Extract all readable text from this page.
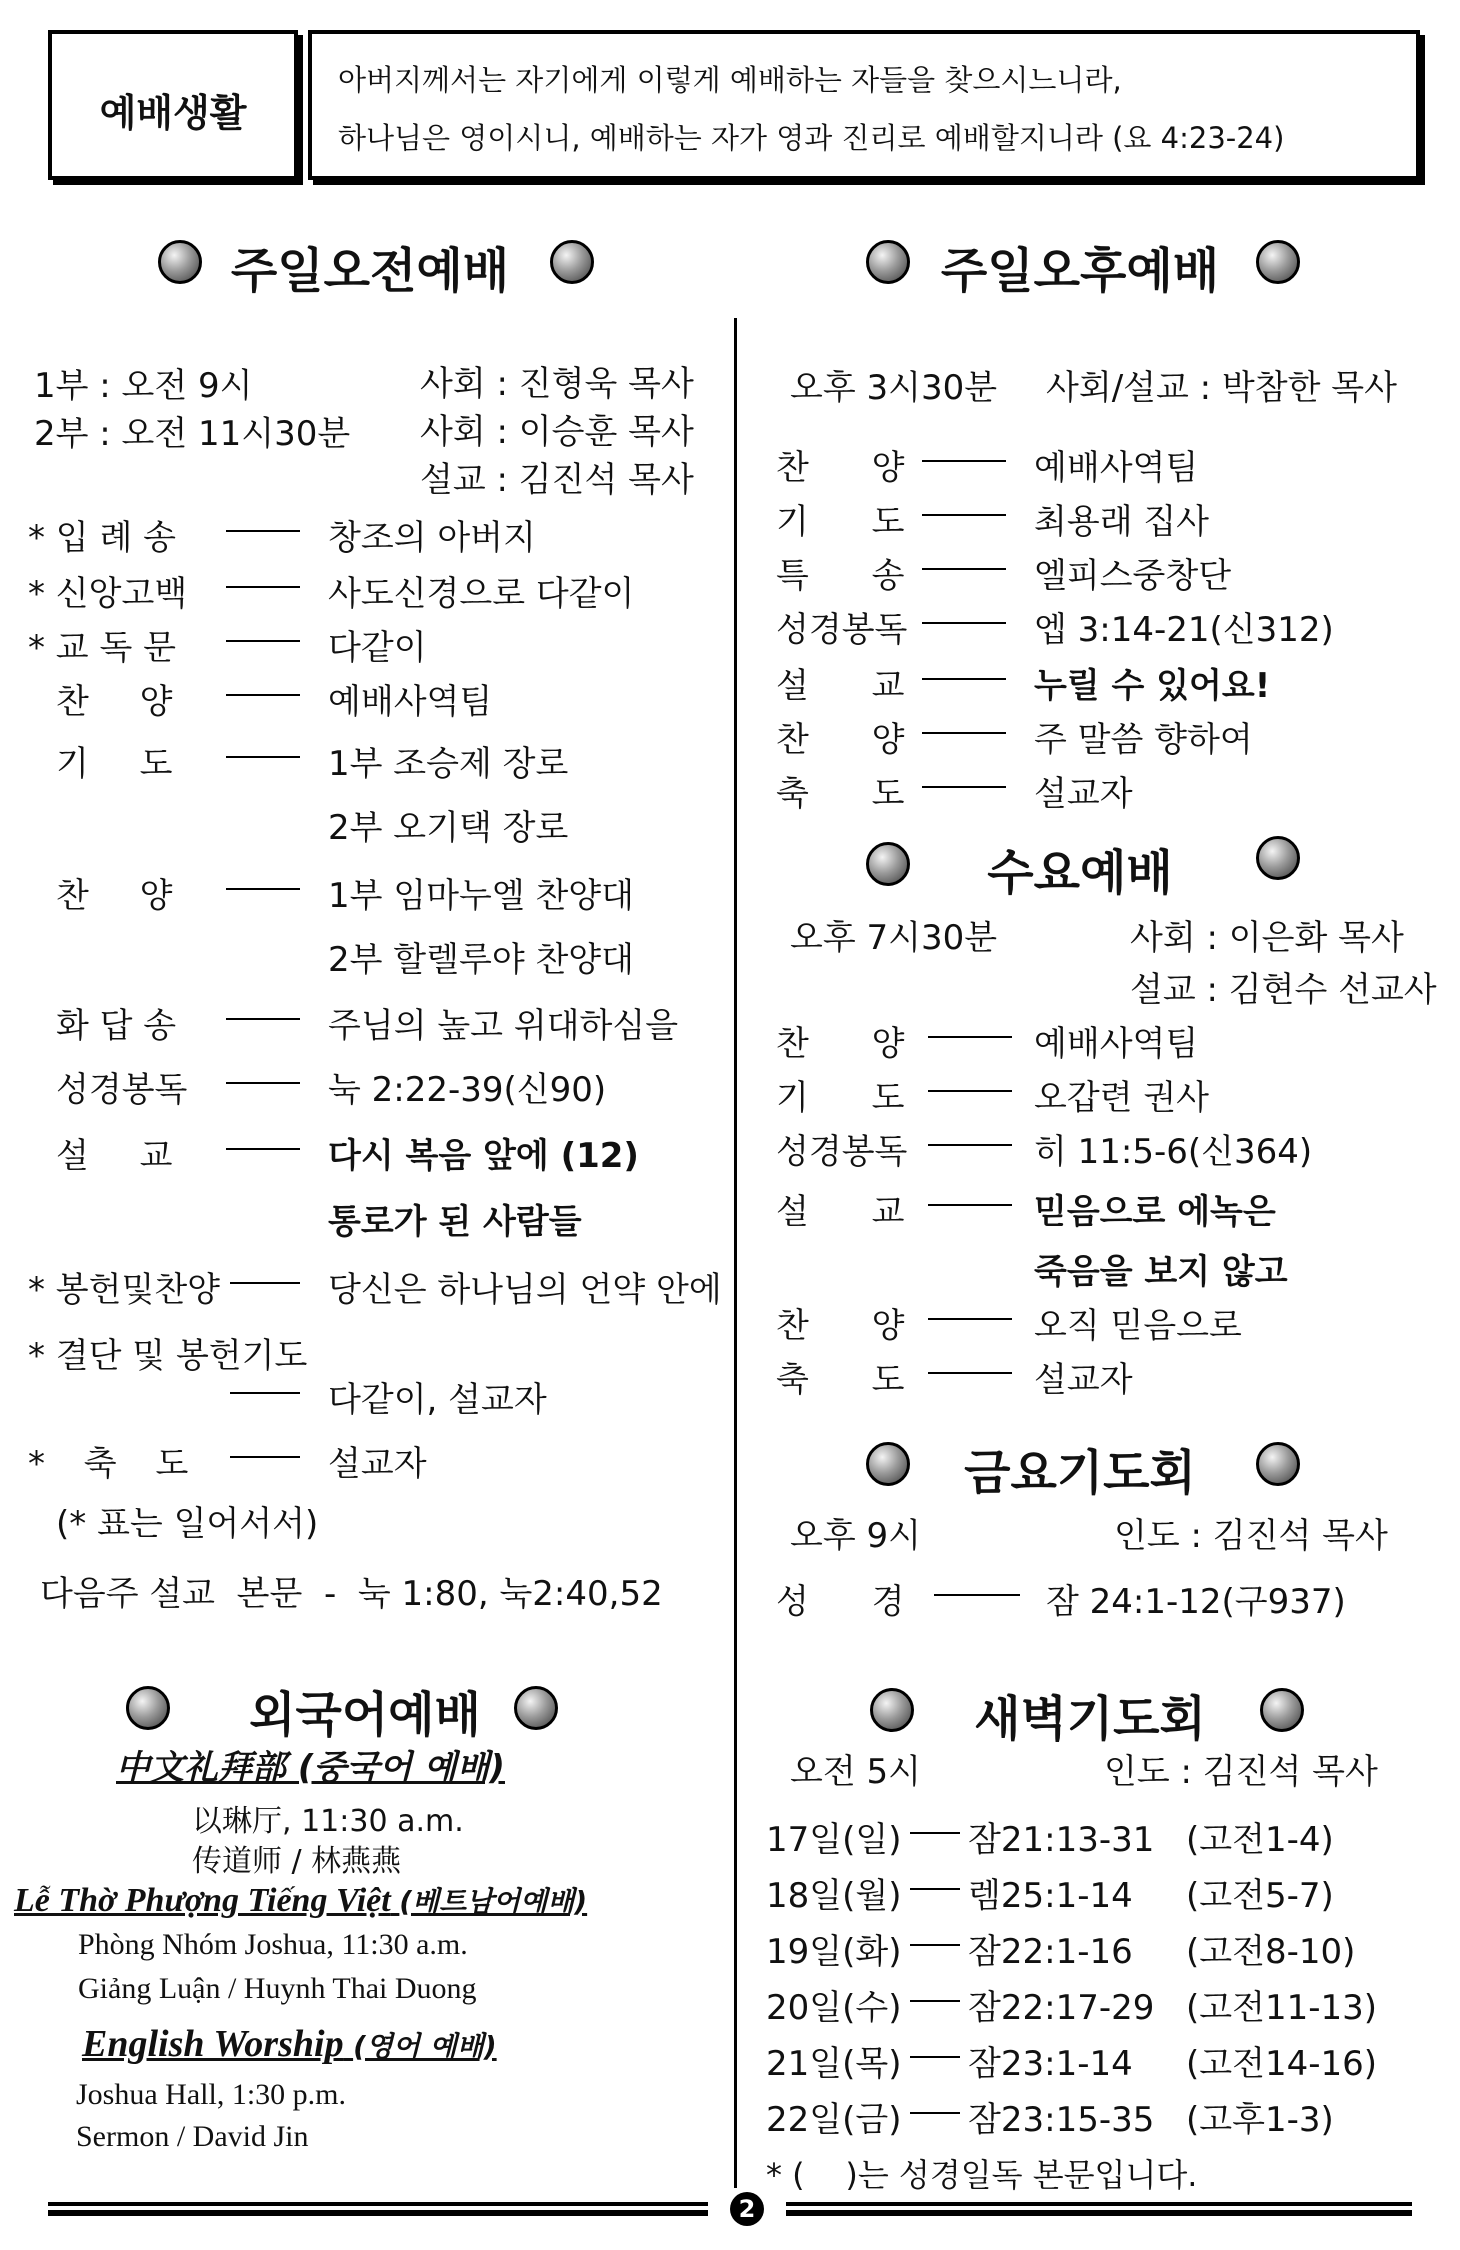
예배생활
아버지께서는 자기에게 이렇게 예배하는 자들을 찾으시느니라,
하나님은 영이시니, 예배하는 자가 영과 진리로 예배할지니라 (요 4:23-24)
주일오전예배
1부 : 오전 9시
2부 : 오전 11시30분
사회 : 진형욱 목사
사회 : 이승훈 목사
설교 : 김진석 목사
* 입 례 송	창조의 아버지
* 신앙고백	사도신경으로 다같이
* 교 독 문	다같이
찬 양	예배사역팀
기 도	1부 조승제 장로
2부 오기택 장로
찬 양	1부 임마누엘 찬양대
2부 할렐루야 찬양대
화 답 송	주님의 높고 위대하심을
성경봉독	눅 2:22-39(신90)
설 교	다시 복음 앞에 (12)
통로가 된 사람들
* 봉헌및찬양	당신은 하나님의 언약 안에
* 결단 및 봉헌기도
다같이, 설교자
* 축 도	설교자
(* 표는 일어서서)
다음주 설교  본문  -  눅 1:80, 눅2:40,52
외국어예배
中文礼拜部 (중국어 예배)
以琳厅, 11:30 a.m.
传道师 / 林燕燕
Lễ Thờ Phượng Tiếng Việt (베트남어예배)
Phòng Nhóm Joshua, 11:30 a.m.
Giảng Luận / Huynh Thai Duong
English Worship (영어 예배)
Joshua Hall, 1:30 p.m.
Sermon / David Jin
주일오후예배
오후 3시30분 사회/설교 : 박참한 목사
찬 양	예배사역팀
기 도	최용래 집사
특 송	엘피스중창단
성경봉독	엡 3:14-21(신312)
설 교	누릴 수 있어요!
찬 양	주 말씀 향하여
축 도	설교자
수요예배
오후 7시30분	사회 : 이은화 목사
설교 : 김현수 선교사
찬 양	예배사역팀
기 도	오갑련 권사
성경봉독	히 11:5-6(신364)
설 교	믿음으로 에녹은
죽음을 보지 않고
찬 양	오직 믿음으로
축 도	설교자
금요기도회
오후 9시	인도 : 김진석 목사
성 경	잠 24:1-12(구937)
새벽기도회
오전 5시	인도 : 김진석 목사
17일(일) 잠21:13-31 (고전1-4)
18일(월) 렘25:1-14 (고전5-7)
19일(화) 잠22:1-16 (고전8-10)
20일(수) 잠22:17-29 (고전11-13)
21일(목) 잠23:1-14 (고전14-16)
22일(금) 잠23:15-35 (고후1-3)
* (    )는 성경일독 본문입니다.
2
